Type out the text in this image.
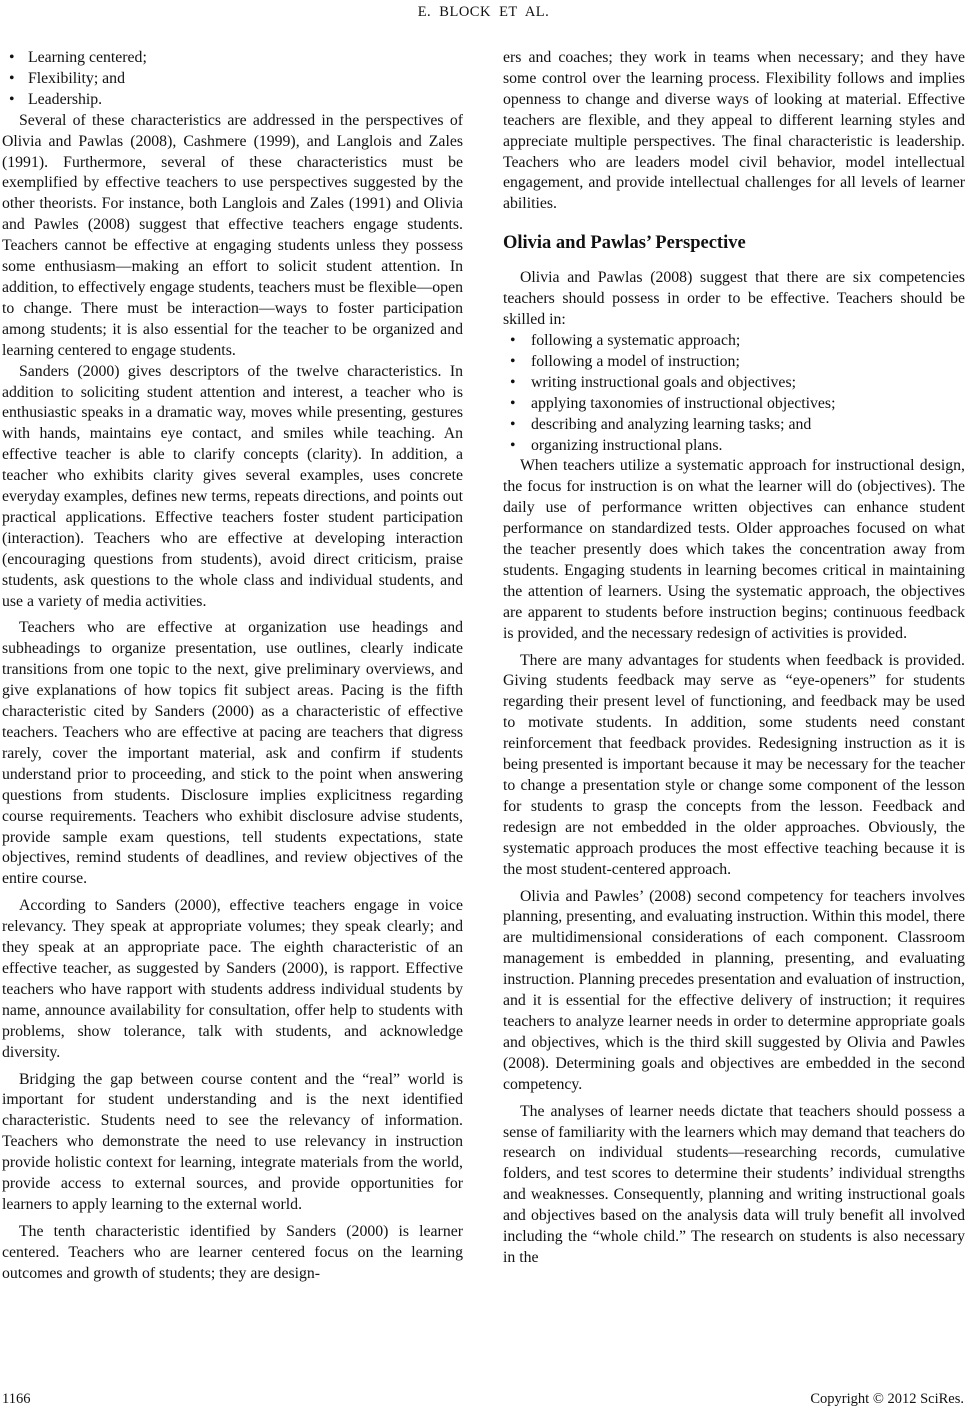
E. BLOCK ET AL.
• Learning centered;
• Flexibility; and
• Leadership.

Several of these characteristics are addressed in the perspectives of Olivia and Pawlas (2008), Cashmere (1999), and Langlois and Zales (1991). Furthermore, several of these characteristics must be exemplified by effective teachers to use perspectives suggested by the other theorists. For instance, both Langlois and Zales (1991) and Olivia and Pawles (2008) suggest that effective teachers engage students. Teachers cannot be effective at engaging students unless they possess some enthusiasm—making an effort to solicit student attention. In addition, to effectively engage students, teachers must be flexible—open to change. There must be interaction—ways to foster participation among students; it is also essential for the teacher to be organized and learning centered to engage students.

Sanders (2000) gives descriptors of the twelve characteristics. In addition to soliciting student attention and interest, a teacher who is enthusiastic speaks in a dramatic way, moves while presenting, gestures with hands, maintains eye contact, and smiles while teaching. An effective teacher is able to clarify concepts (clarity). In addition, a teacher who exhibits clarity gives several examples, uses concrete everyday examples, defines new terms, repeats directions, and points out practical applications. Effective teachers foster student participation (interaction). Teachers who are effective at developing interaction (encouraging questions from students), avoid direct criticism, praise students, ask questions to the whole class and individual students, and use a variety of media activities.

Teachers who are effective at organization use headings and subheadings to organize presentation, use outlines, clearly indicate transitions from one topic to the next, give preliminary overviews, and give explanations of how topics fit subject areas. Pacing is the fifth characteristic cited by Sanders (2000) as a characteristic of effective teachers. Teachers who are effective at pacing are teachers that digress rarely, cover the important material, ask and confirm if students understand prior to proceeding, and stick to the point when answering questions from students. Disclosure implies explicitness regarding course requirements. Teachers who exhibit disclosure advise students, provide sample exam questions, tell students expectations, state objectives, remind students of deadlines, and review objectives of the entire course.

According to Sanders (2000), effective teachers engage in voice relevancy. They speak at appropriate volumes; they speak clearly; and they speak at an appropriate pace. The eighth characteristic of an effective teacher, as suggested by Sanders (2000), is rapport. Effective teachers who have rapport with students address individual students by name, announce availability for consultation, offer help to students with problems, show tolerance, talk with students, and acknowledge diversity.

Bridging the gap between course content and the “real” world is important for student understanding and is the next identified characteristic. Students need to see the relevancy of information. Teachers who demonstrate the need to use relevancy in instruction provide holistic context for learning, integrate materials from the world, provide access to external sources, and provide opportunities for learners to apply learning to the external world.

The tenth characteristic identified by Sanders (2000) is learner centered. Teachers who are learner centered focus on the learning outcomes and growth of students; they are design-

ers and coaches; they work in teams when necessary; and they have some control over the learning process. Flexibility follows and implies openness to change and diverse ways of looking at material. Effective teachers are flexible, and they appeal to different learning styles and appreciate multiple perspectives. The final characteristic is leadership. Teachers who are leaders model civil behavior, model intellectual engagement, and provide intellectual challenges for all levels of learner abilities.

Olivia and Pawlas’ Perspective

Olivia and Pawlas (2008) suggest that there are six competencies teachers should possess in order to be effective. Teachers should be skilled in:

• following a systematic approach;
• following a model of instruction;
• writing instructional goals and objectives;
• applying taxonomies of instructional objectives;
• describing and analyzing learning tasks; and
• organizing instructional plans.

When teachers utilize a systematic approach for instructional design, the focus for instruction is on what the learner will do (objectives). The daily use of performance written objectives can enhance student performance on standardized tests. Older approaches focused on what the teacher presently does which takes the concentration away from students. Engaging students in learning becomes critical in maintaining the attention of learners. Using the systematic approach, the objectives are apparent to students before instruction begins; continuous feedback is provided, and the necessary redesign of activities is provided.

There are many advantages for students when feedback is provided. Giving students feedback may serve as “eye-openers” for students regarding their present level of functioning, and feedback may be used to motivate students. In addition, some students need constant reinforcement that feedback provides. Redesigning instruction as it is being presented is important because it may be necessary for the teacher to change a presentation style or change some component of the lesson for students to grasp the concepts from the lesson. Feedback and redesign are not embedded in the older approaches. Obviously, the systematic approach produces the most effective teaching because it is the most student-centered approach.

Olivia and Pawles’ (2008) second competency for teachers involves planning, presenting, and evaluating instruction. Within this model, there are multidimensional considerations of each component. Classroom management is embedded in planning, presenting, and evaluating instruction. Planning precedes presentation and evaluation of instruction, and it is essential for the effective delivery of instruction; it requires teachers to analyze learner needs in order to determine appropriate goals and objectives, which is the third skill suggested by Olivia and Pawles (2008). Determining goals and objectives are embedded in the second competency.

The analyses of learner needs dictate that teachers should possess a sense of familiarity with the learners which may demand that teachers do research on individual students—researching records, cumulative folders, and test scores to determine their students’ individual strengths and weaknesses. Consequently, planning and writing instructional goals and objectives based on the analysis data will truly benefit all involved including the “whole child.” The research on students is also necessary in the

1166	Copyright © 2012 SciRes.
